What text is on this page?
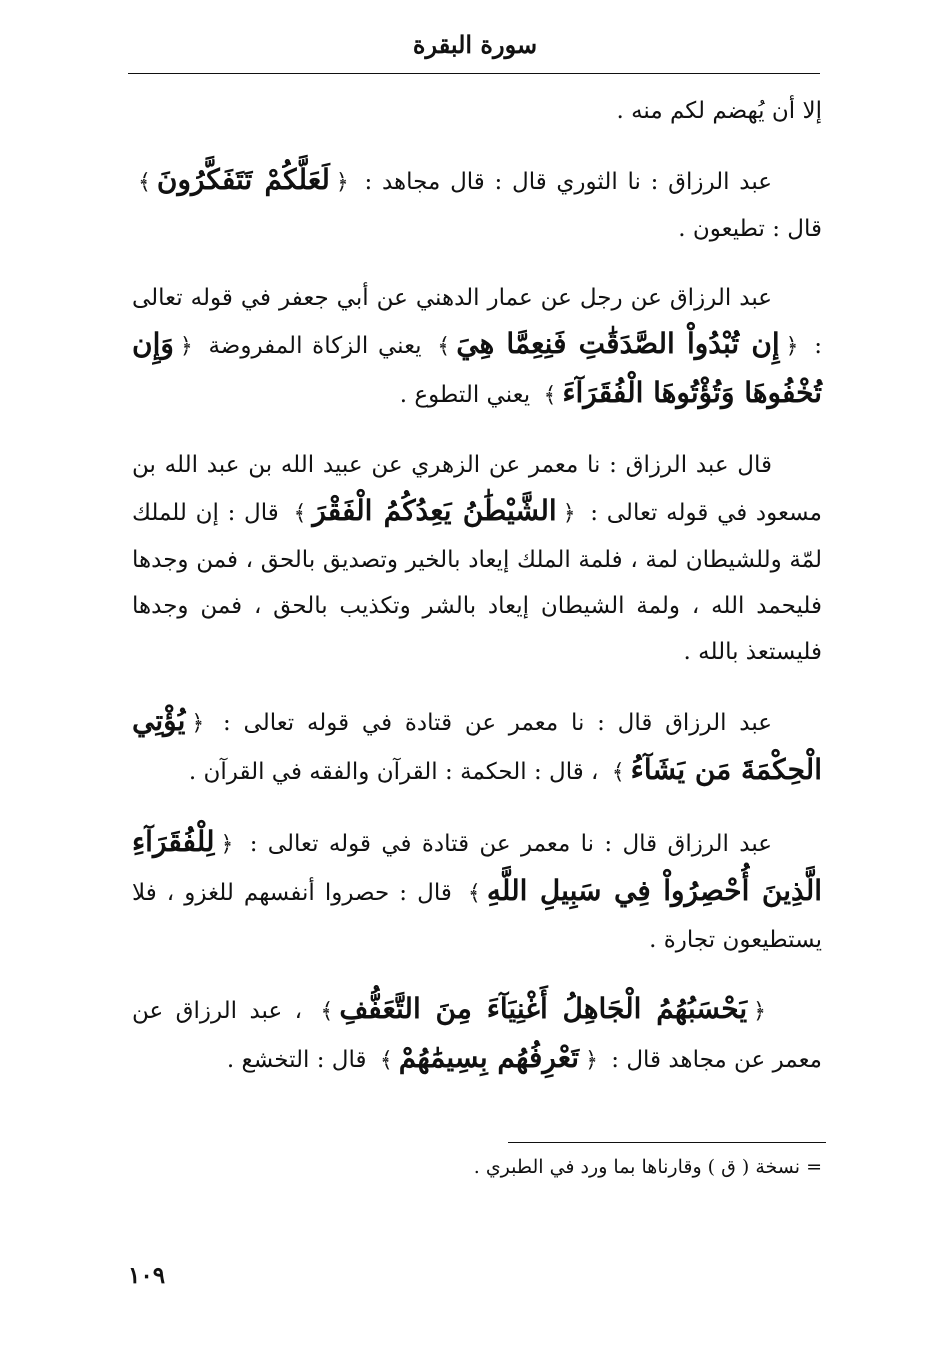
سورة البقرة

إلا أن يُهضم لكم منه .

عبد الرزاق : نا الثوري قال : قال مجاهد : ﴿لَعَلَّكُمْ تَتَفَكَّرُونَ﴾ قال : تطيعون .

عبد الرزاق عن رجل عن عمار الدهني عن أبي جعفر في قوله تعالى : ﴿إِن تُبْدُواْ الصَّدَقَٰتِ فَنِعِمَّا هِيَ﴾ يعني الزكاة المفروضة ﴿وَإِن تُخْفُوهَا وَتُؤْتُوهَا الْفُقَرَآءَ﴾ يعني التطوع .

قال عبد الرزاق : نا معمر عن الزهري عن عبيد الله بن عبد الله بن مسعود في قوله تعالى : ﴿الشَّيْطَٰنُ يَعِدُكُمُ الْفَقْرَ﴾ قال : إن للملك لمّة وللشيطان لمة ، فلمة الملك إيعاد بالخير وتصديق بالحق ، فمن وجدها فليحمد الله ، ولمة الشيطان إيعاد بالشر وتكذيب بالحق ، فمن وجدها فليستعذ بالله .

عبد الرزاق قال : نا معمر عن قتادة في قوله تعالى : ﴿يُؤْتِي الْحِكْمَةَ مَن يَشَآءُ﴾ ، قال : الحكمة : القرآن والفقه في القرآن .

عبد الرزاق قال : نا معمر عن قتادة في قوله تعالى : ﴿لِلْفُقَرَآءِ الَّذِينَ أُحْصِرُواْ فِي سَبِيلِ اللَّهِ﴾ قال : حصروا أنفسهم للغزو ، فلا يستطيعون تجارة .

﴿يَحْسَبُهُمُ الْجَاهِلُ أَغْنِيَآءَ مِنَ التَّعَفُّفِ﴾ ، عبد الرزاق عن معمر عن مجاهد قال : ﴿تَعْرِفُهُم بِسِيمَٰهُمْ﴾ قال : التخشع .

= نسخة ( ق ) وقارناها بما ورد في الطبري .
١٠٩
